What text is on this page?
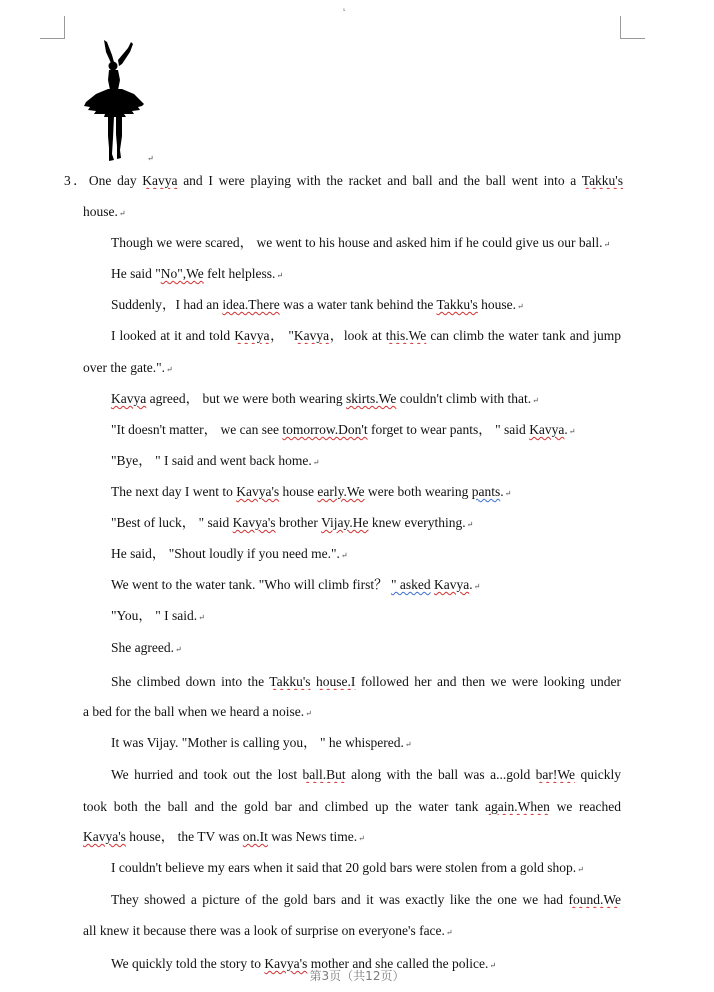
⸤
↵
3．One day Kavya and I were playing with the racket and ball and the ball went into a Takku's
house.↵
Though we were scared， we went to his house and asked him if he could give us our ball.↵
He said "No",We felt helpless.↵
Suddenly，I had an idea.There was a water tank behind the Takku's house.↵
I looked at it and told Kavya， "Kavya，look at this.We can climb the water tank and jump
over the gate.".↵
Kavya agreed， but we were both wearing skirts.We couldn't climb with that.↵
"It doesn't matter， we can see tomorrow.Don't forget to wear pants， " said Kavya.↵
"Bye， " I said and went back home.↵
The next day I went to Kavya's house early.We were both wearing pants.↵
"Best of luck， " said Kavya's brother Vijay.He knew everything.↵
He said， "Shout loudly if you need me.".↵
We went to the water tank. "Who will climb first？ " asked Kavya.↵
"You， " I said.↵
She agreed.↵
She climbed down into the Takku's house.I followed her and then we were looking under
a bed for the ball when we heard a noise.↵
It was Vijay. "Mother is calling you， " he whispered.↵
We hurried and took out the lost ball.But along with the ball was a...gold bar!We quickly
took both the ball and the gold bar and climbed up the water tank again.When we reached
Kavya's house， the TV was on.It was News time.↵
I couldn't believe my ears when it said that 20 gold bars were stolen from a gold shop.↵
They showed a picture of the gold bars and it was exactly like the one we had found.We
all knew it because there was a look of surprise on everyone's face.↵
We quickly told the story to Kavya's mother and she called the police.↵
第3页（共12页）
